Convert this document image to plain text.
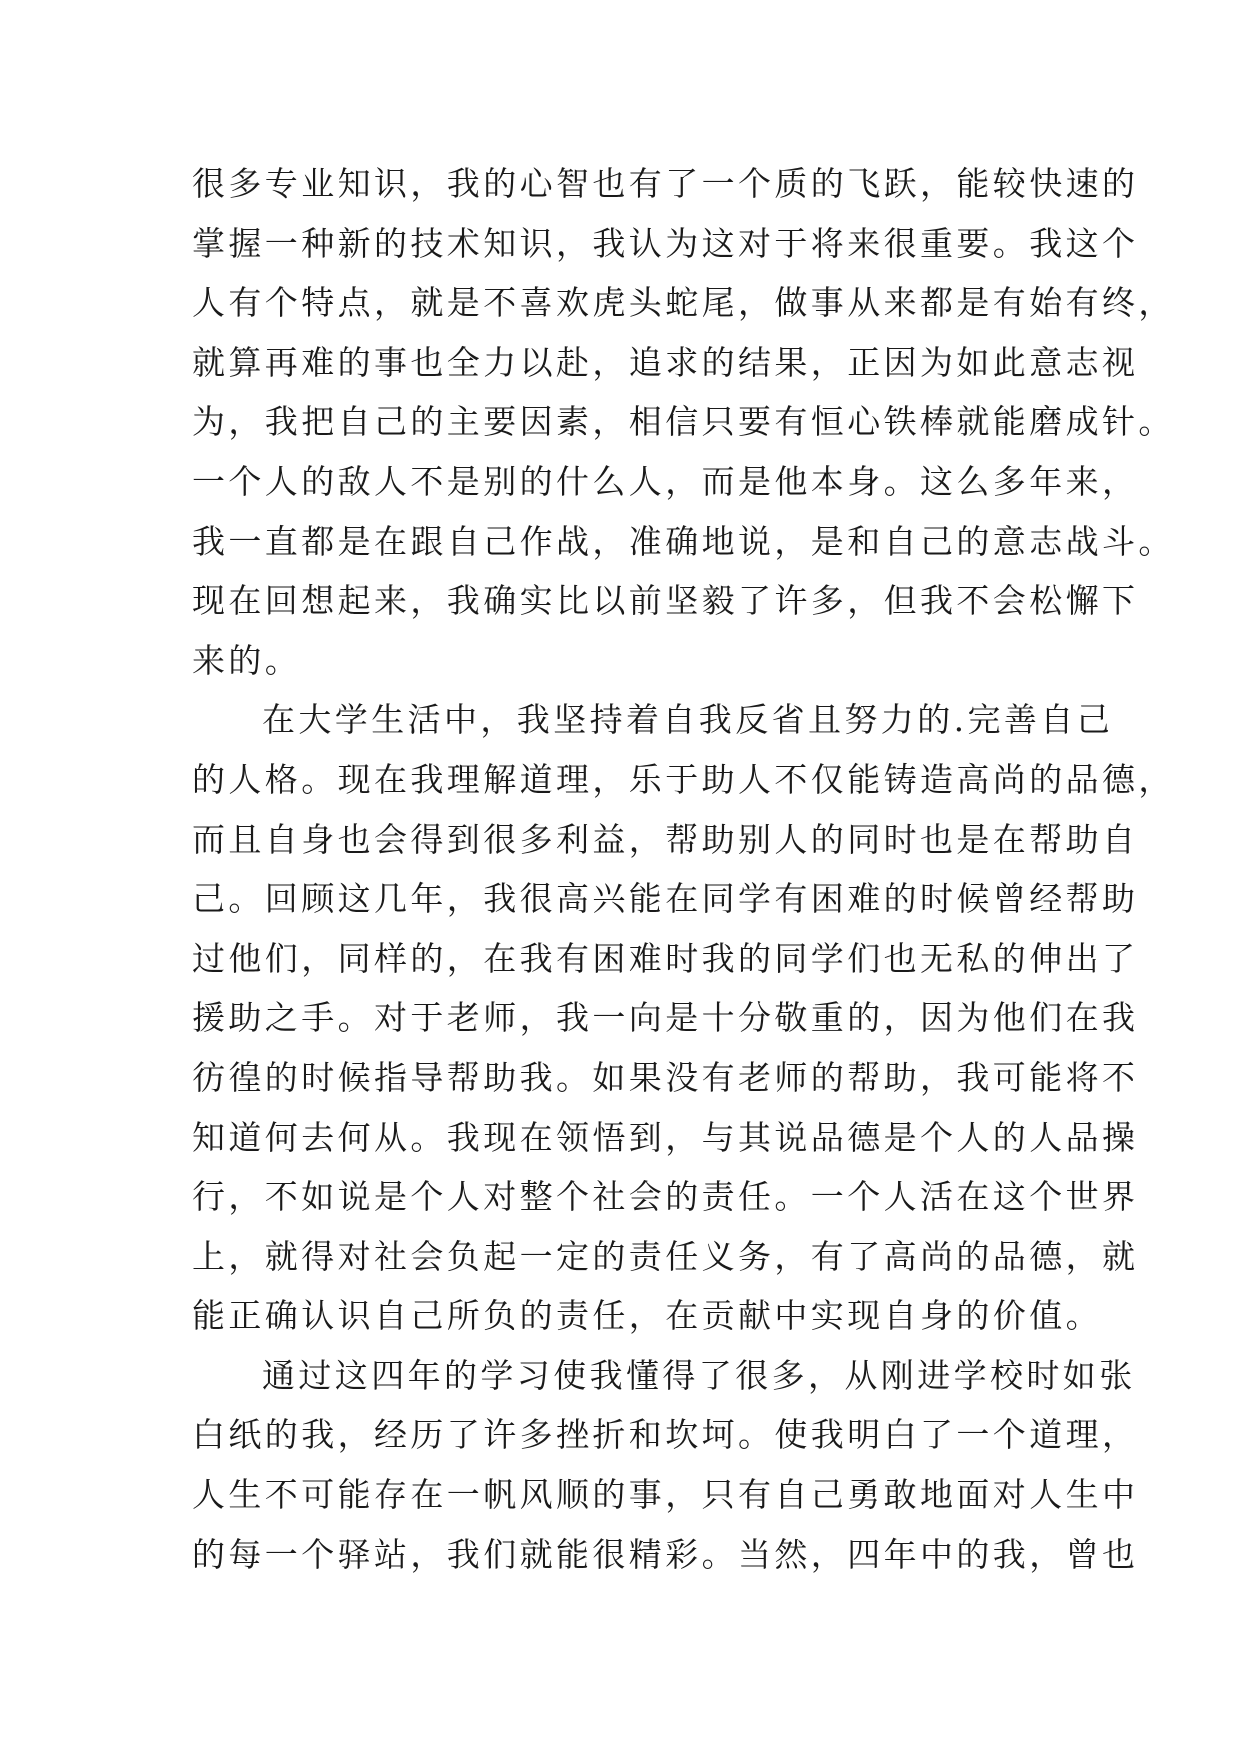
很多专业知识，我的心智也有了一个质的飞跃，能较快速的
掌握一种新的技术知识，我认为这对于将来很重要。我这个
人有个特点，就是不喜欢虎头蛇尾，做事从来都是有始有终，
就算再难的事也全力以赴，追求的结果，正因为如此意志视
为，我把自己的主要因素，相信只要有恒心铁棒就能磨成针。
一个人的敌人不是别的什么人，而是他本身。这么多年来，
我一直都是在跟自己作战，准确地说，是和自己的意志战斗。
现在回想起来，我确实比以前坚毅了许多，但我不会松懈下
来的。
在大学生活中，我坚持着自我反省且努力的.完善自己
的人格。现在我理解道理，乐于助人不仅能铸造高尚的品德，
而且自身也会得到很多利益，帮助别人的同时也是在帮助自
己。回顾这几年，我很高兴能在同学有困难的时候曾经帮助
过他们，同样的，在我有困难时我的同学们也无私的伸出了
援助之手。对于老师，我一向是十分敬重的，因为他们在我
彷徨的时候指导帮助我。如果没有老师的帮助，我可能将不
知道何去何从。我现在领悟到，与其说品德是个人的人品操
行，不如说是个人对整个社会的责任。一个人活在这个世界
上，就得对社会负起一定的责任义务，有了高尚的品德，就
能正确认识自己所负的责任，在贡献中实现自身的价值。
通过这四年的学习使我懂得了很多，从刚进学校时如张
白纸的我，经历了许多挫折和坎坷。使我明白了一个道理，
人生不可能存在一帆风顺的事，只有自己勇敢地面对人生中
的每一个驿站，我们就能很精彩。当然，四年中的我，曾也
